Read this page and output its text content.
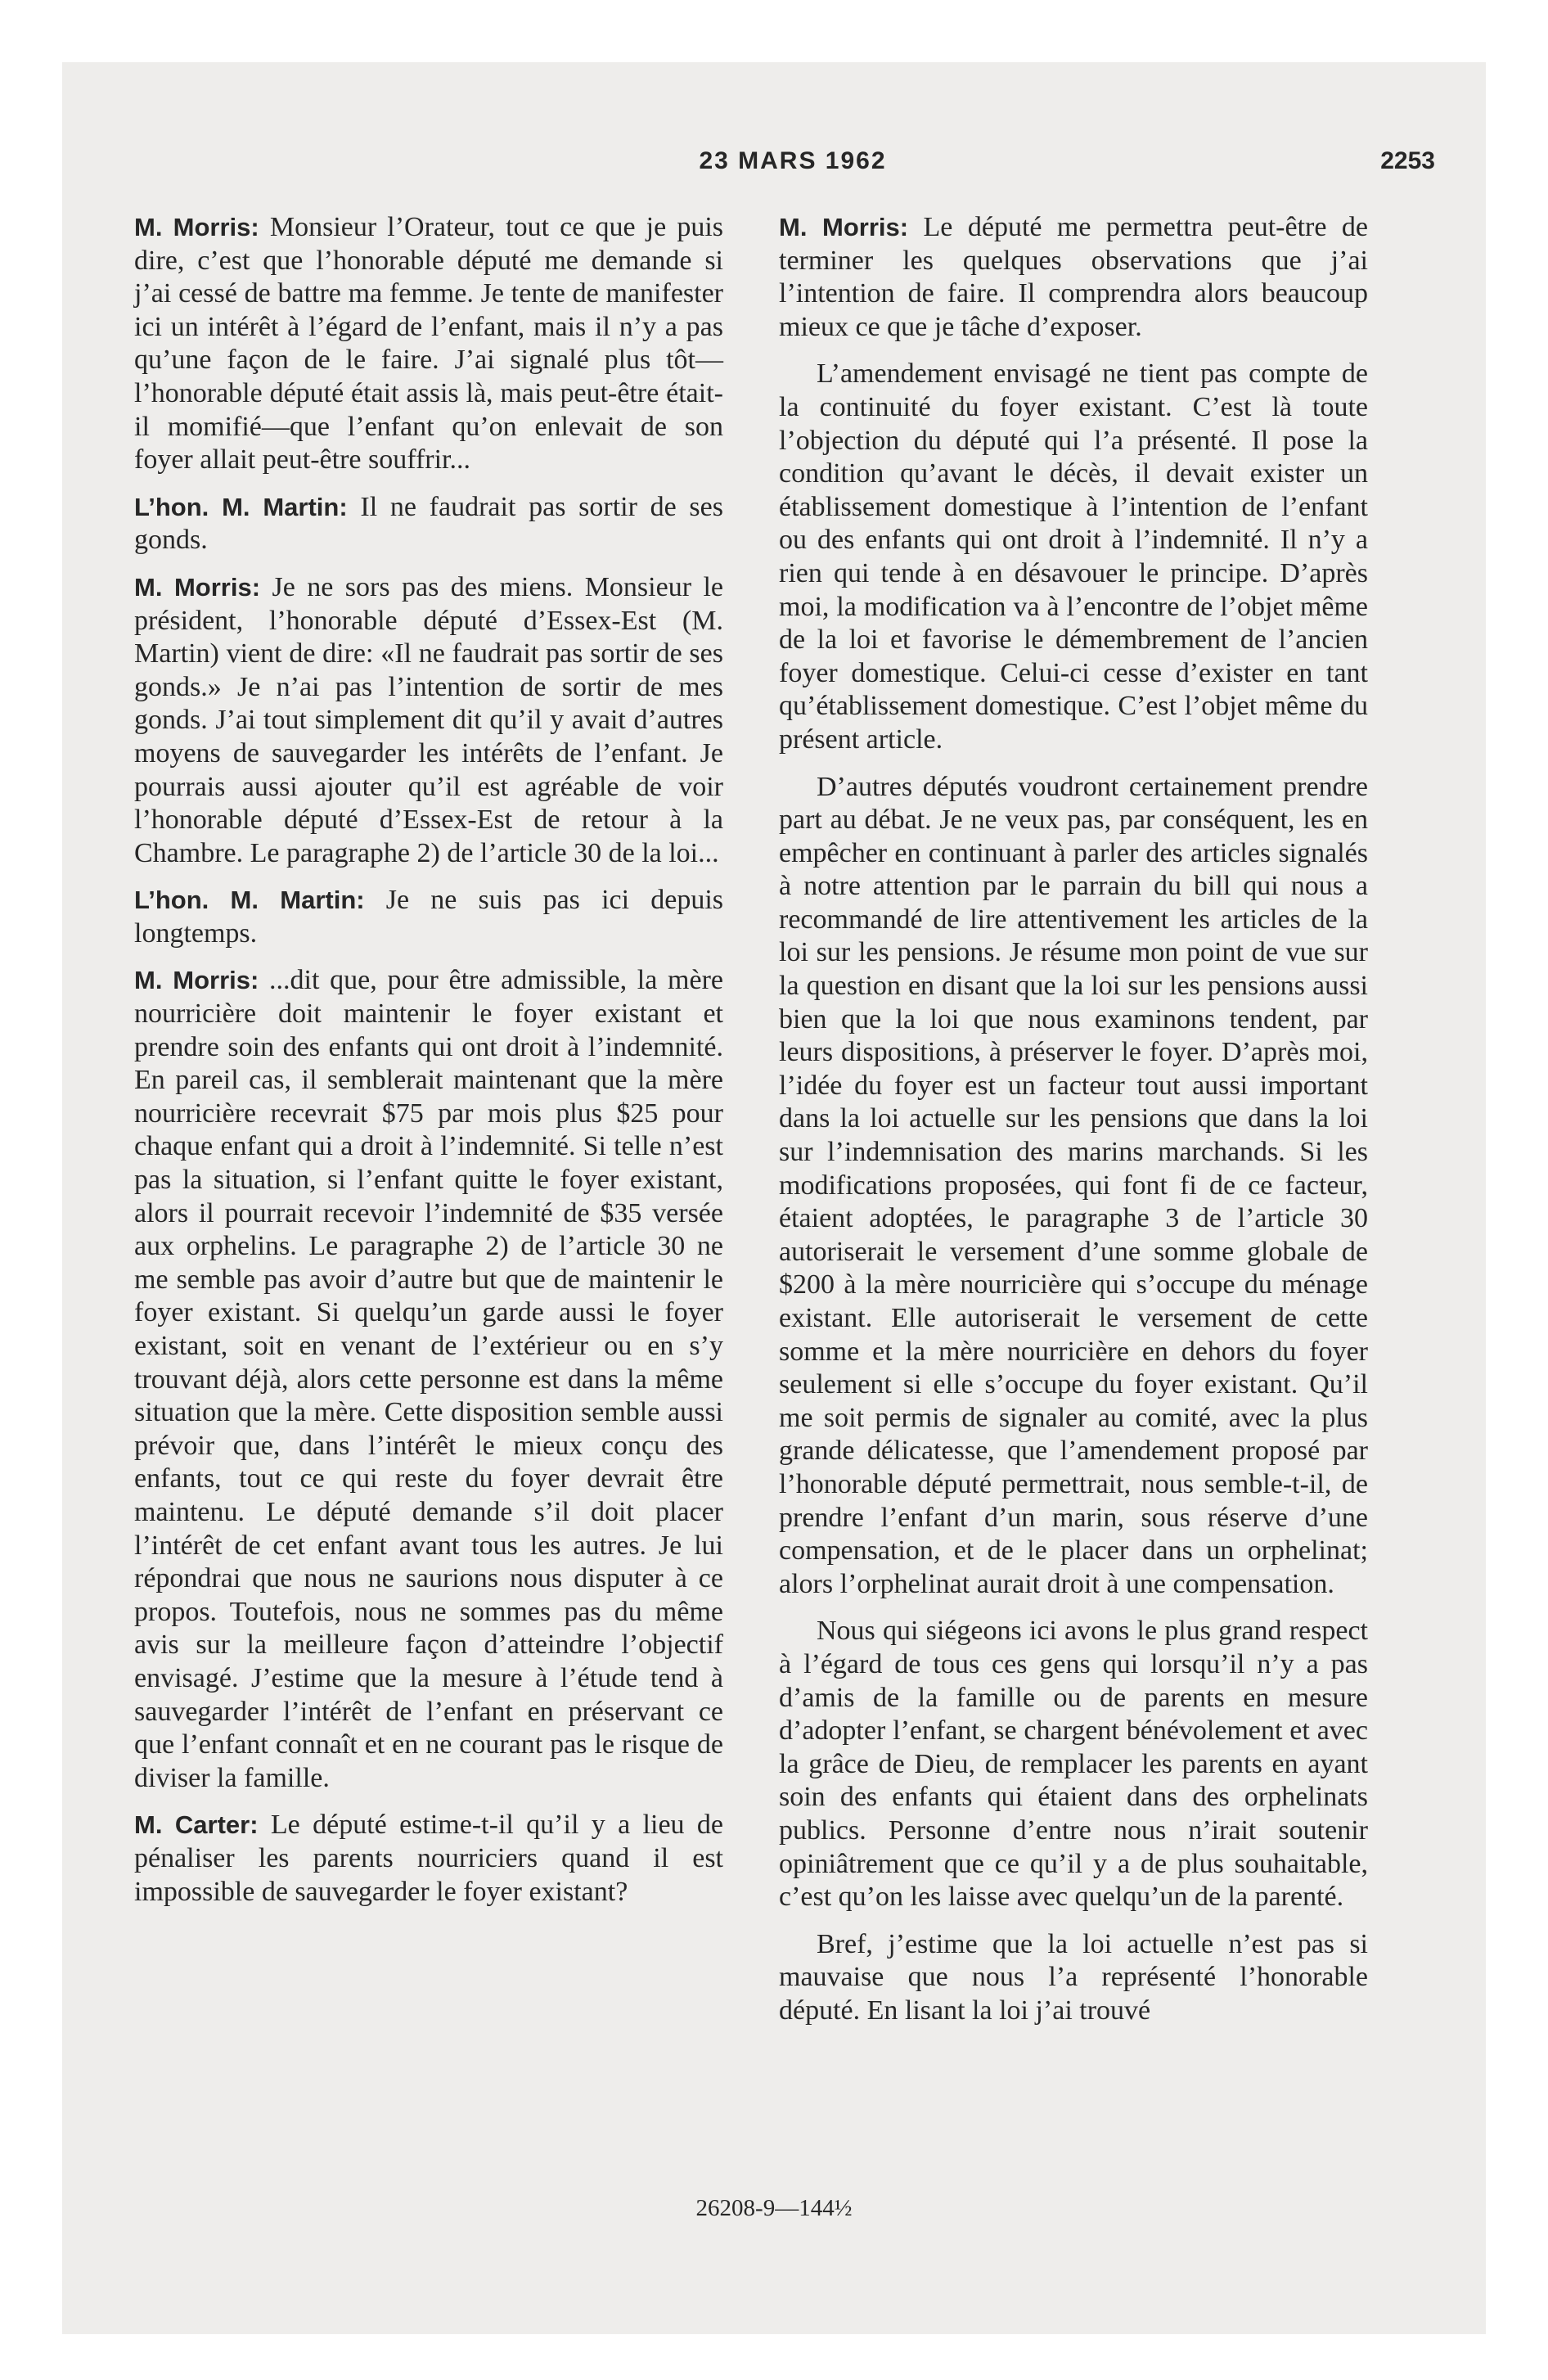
23 MARS 1962	2253

M. Morris: Monsieur l’Orateur, tout ce que je puis dire, c’est que l’honorable député me demande si j’ai cessé de battre ma femme. Je tente de manifester ici un intérêt à l’égard de l’enfant, mais il n’y a pas qu’une façon de le faire. J’ai signalé plus tôt—l’honorable député était assis là, mais peut-être était-il momifié—que l’enfant qu’on enlevait de son foyer allait peut-être souffrir...

L’hon. M. Martin: Il ne faudrait pas sortir de ses gonds.

M. Morris: Je ne sors pas des miens. Monsieur le président, l’honorable député d’Essex-Est (M. Martin) vient de dire: «Il ne faudrait pas sortir de ses gonds.» Je n’ai pas l’intention de sortir de mes gonds. J’ai tout simplement dit qu’il y avait d’autres moyens de sauvegarder les intérêts de l’enfant. Je pourrais aussi ajouter qu’il est agréable de voir l’honorable député d’Essex-Est de retour à la Chambre. Le paragraphe 2) de l’article 30 de la loi...

L’hon. M. Martin: Je ne suis pas ici depuis longtemps.

M. Morris: ...dit que, pour être admissible, la mère nourricière doit maintenir le foyer existant et prendre soin des enfants qui ont droit à l’indemnité. En pareil cas, il semblerait maintenant que la mère nourricière recevrait $75 par mois plus $25 pour chaque enfant qui a droit à l’indemnité. Si telle n’est pas la situation, si l’enfant quitte le foyer existant, alors il pourrait recevoir l’indemnité de $35 versée aux orphelins. Le paragraphe 2) de l’article 30 ne me semble pas avoir d’autre but que de maintenir le foyer existant. Si quelqu’un garde aussi le foyer existant, soit en venant de l’extérieur ou en s’y trouvant déjà, alors cette personne est dans la même situation que la mère. Cette disposition semble aussi prévoir que, dans l’intérêt le mieux conçu des enfants, tout ce qui reste du foyer devrait être maintenu. Le député demande s’il doit placer l’intérêt de cet enfant avant tous les autres. Je lui répondrai que nous ne saurions nous disputer à ce propos. Toutefois, nous ne sommes pas du même avis sur la meilleure façon d’atteindre l’objectif envisagé. J’estime que la mesure à l’étude tend à sauvegarder l’intérêt de l’enfant en préservant ce que l’enfant connaît et en ne courant pas le risque de diviser la famille.

M. Carter: Le député estime-t-il qu’il y a lieu de pénaliser les parents nourriciers quand il est impossible de sauvegarder le foyer existant?

M. Morris: Le député me permettra peut-être de terminer les quelques observations que j’ai l’intention de faire. Il comprendra alors beaucoup mieux ce que je tâche d’exposer.

L’amendement envisagé ne tient pas compte de la continuité du foyer existant. C’est là toute l’objection du député qui l’a présenté. Il pose la condition qu’avant le décès, il devait exister un établissement domestique à l’intention de l’enfant ou des enfants qui ont droit à l’indemnité. Il n’y a rien qui tende à en désavouer le principe. D’après moi, la modification va à l’encontre de l’objet même de la loi et favorise le démembrement de l’ancien foyer domestique. Celui-ci cesse d’exister en tant qu’établissement domestique. C’est l’objet même du présent article.

D’autres députés voudront certainement prendre part au débat. Je ne veux pas, par conséquent, les en empêcher en continuant à parler des articles signalés à notre attention par le parrain du bill qui nous a recommandé de lire attentivement les articles de la loi sur les pensions. Je résume mon point de vue sur la question en disant que la loi sur les pensions aussi bien que la loi que nous examinons tendent, par leurs dispositions, à préserver le foyer. D’après moi, l’idée du foyer est un facteur tout aussi important dans la loi actuelle sur les pensions que dans la loi sur l’indemnisation des marins marchands. Si les modifications proposées, qui font fi de ce facteur, étaient adoptées, le paragraphe 3 de l’article 30 autoriserait le versement d’une somme globale de $200 à la mère nourricière qui s’occupe du ménage existant. Elle autoriserait le versement de cette somme et la mère nourricière en dehors du foyer seulement si elle s’occupe du foyer existant. Qu’il me soit permis de signaler au comité, avec la plus grande délicatesse, que l’amendement proposé par l’honorable député permettrait, nous semble-t-il, de prendre l’enfant d’un marin, sous réserve d’une compensation, et de le placer dans un orphelinat; alors l’orphelinat aurait droit à une compensation.

Nous qui siégeons ici avons le plus grand respect à l’égard de tous ces gens qui lorsqu’il n’y a pas d’amis de la famille ou de parents en mesure d’adopter l’enfant, se chargent bénévolement et avec la grâce de Dieu, de remplacer les parents en ayant soin des enfants qui étaient dans des orphelinats publics. Personne d’entre nous n’irait soutenir opiniâtrement que ce qu’il y a de plus souhaitable, c’est qu’on les laisse avec quelqu’un de la parenté.

Bref, j’estime que la loi actuelle n’est pas si mauvaise que nous l’a représenté l’honorable député. En lisant la loi j’ai trouvé

26208-9—144½
